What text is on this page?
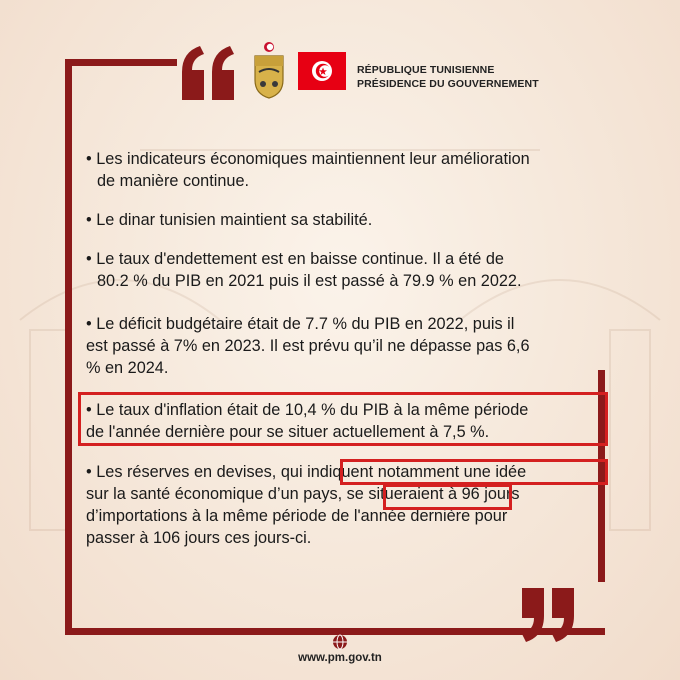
RÉPUBLIQUE TUNISIENNE
PRÉSIDENCE DU GOUVERNEMENT
• Les indicateurs économiques maintiennent leur amélioration
de manière continue.
• Le dinar tunisien maintient sa stabilité.
• Le taux d'endettement est en baisse continue. Il a été de
80.2 % du PIB en 2021 puis il est passé à 79.9 % en 2022.
• Le déficit budgétaire était de 7.7 % du PIB en 2022, puis il
est passé à 7% en 2023. Il est prévu qu’il ne dépasse pas 6,6
% en 2024.
• Le taux d'inflation était de 10,4 % du PIB à la même période
de l'année dernière pour se situer actuellement à 7,5 %.
• Les réserves en devises, qui indiquent notamment une idée
sur la santé économique d’un pays, se situeraient à 96 jours
d’importations à la même période de l'année dernière pour
passer à 106 jours ces jours-ci.
www.pm.gov.tn
